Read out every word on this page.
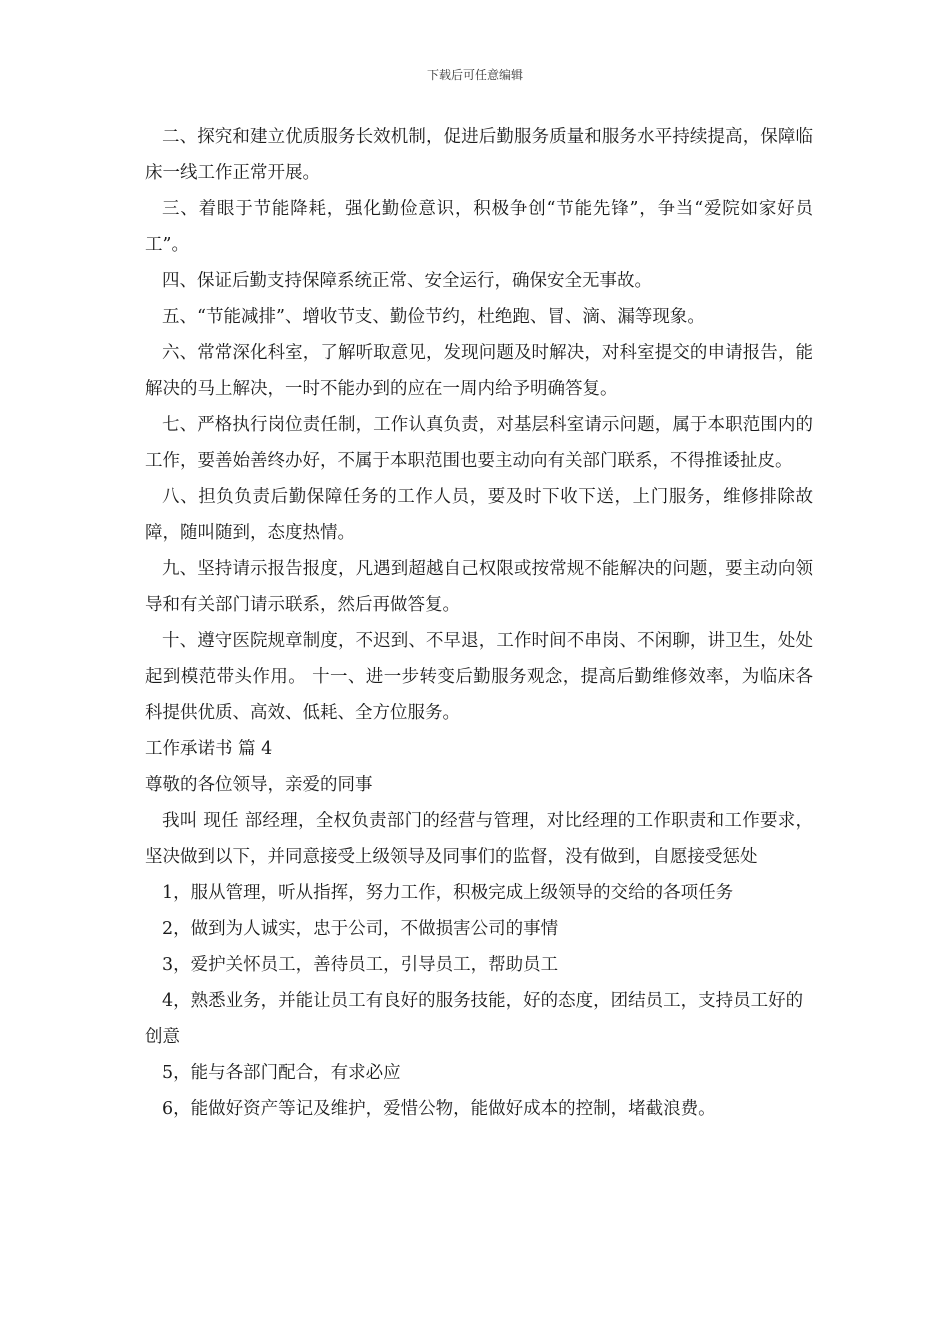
下载后可任意编辑

二、探究和建立优质服务长效机制，促进后勤服务质量和服务水平持续提高，保障临床一线工作正常开展。

三、着眼于节能降耗，强化勤俭意识，积极争创“节能先锋”，争当“爱院如家好员工”。

四、保证后勤支持保障系统正常、安全运行，确保安全无事故。

五、“节能减排”、增收节支、勤俭节约，杜绝跑、冒、滴、漏等现象。

六、常常深化科室，了解听取意见，发现问题及时解决，对科室提交的申请报告，能解决的马上解决，一时不能办到的应在一周内给予明确答复。

七、严格执行岗位责任制，工作认真负责，对基层科室请示问题，属于本职范围内的工作，要善始善终办好，不属于本职范围也要主动向有关部门联系，不得推诿扯皮。

八、担负负责后勤保障任务的工作人员，要及时下收下送，上门服务，维修排除故障，随叫随到，态度热情。

九、坚持请示报告报度，凡遇到超越自己权限或按常规不能解决的问题，要主动向领导和有关部门请示联系，然后再做答复。

十、遵守医院规章制度，不迟到、不早退，工作时间不串岗、不闲聊，讲卫生，处处起到模范带头作用。 十一、进一步转变后勤服务观念，提高后勤维修效率，为临床各科提供优质、高效、低耗、全方位服务。

工作承诺书 篇 4

尊敬的各位领导，亲爱的同事

我叫 现任 部经理，全权负责部门的经营与管理，对比经理的工作职责和工作要求，坚决做到以下，并同意接受上级领导及同事们的监督，没有做到，自愿接受惩处

1，服从管理，听从指挥，努力工作，积极完成上级领导的交给的各项任务

2，做到为人诚实，忠于公司，不做损害公司的事情

3，爱护关怀员工，善待员工，引导员工，帮助员工

4，熟悉业务，并能让员工有良好的服务技能，好的态度，团结员工，支持员工好的创意

5，能与各部门配合，有求必应

6，能做好资产等记及维护，爱惜公物，能做好成本的控制，堵截浪费。
